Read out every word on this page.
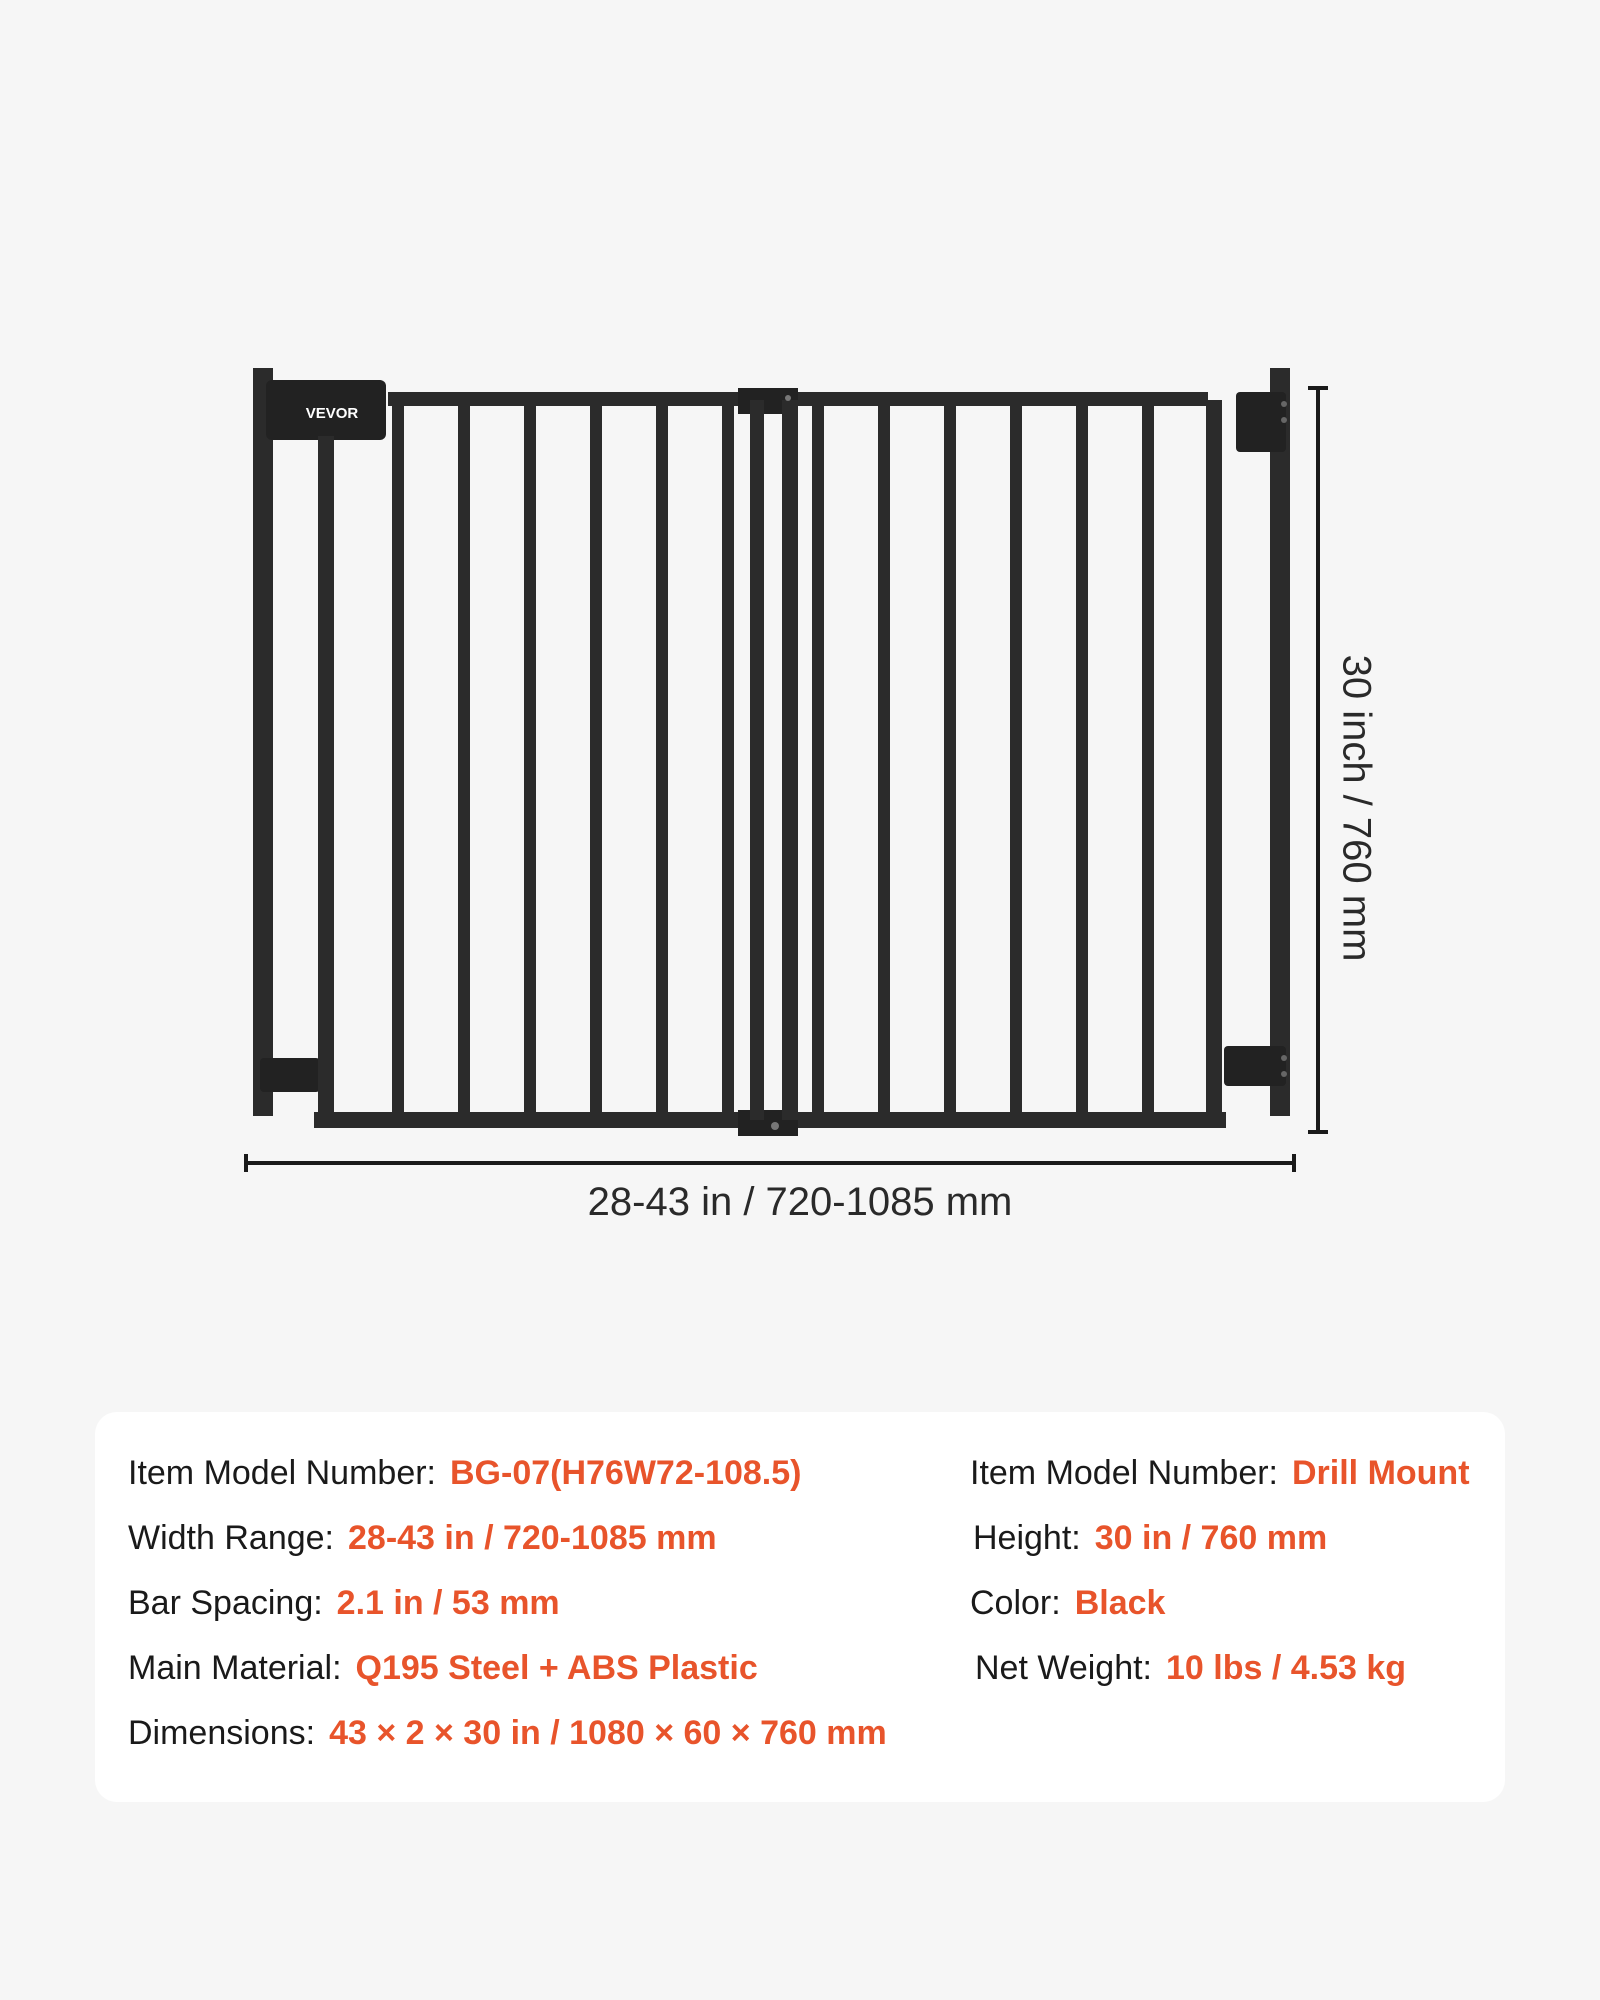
VEVOR
28-43 in / 720-1085 mm
30 inch / 760 mm
Item Model Number: BG-07(H76W72-108.5)
Width Range: 28-43 in / 720-1085 mm
Bar Spacing: 2.1 in / 53 mm
Main Material: Q195 Steel + ABS Plastic
Dimensions: 43 × 2 × 30 in / 1080 × 60 × 760 mm
Item Model Number: Drill Mount
Height: 30 in / 760 mm
Color: Black
Net Weight: 10 lbs / 4.53 kg
